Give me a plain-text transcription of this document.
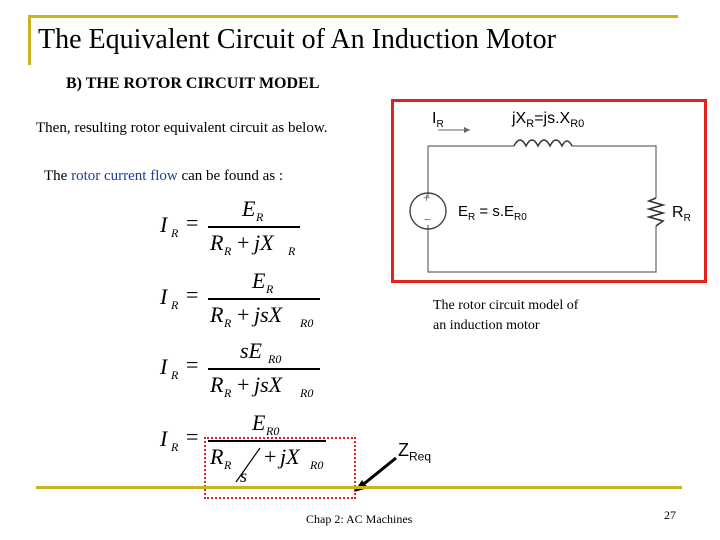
The Equivalent Circuit of An Induction Motor
B) THE ROTOR CIRCUIT MODEL
Then, resulting rotor equivalent circuit as below.
The rotor current flow can be found as :
$I_R$	$jX_R=js.X_{R0}$
+
− $E_R = s.E_{R0}$	$R_R$
The rotor circuit model of
an induction motor
I R =
E R
R R + jX R
I R =
E R
R R + jsX R0
I R =
sE R0
R R + jsX R0
I R =
E R0
R R
s
+ jX R0
$Z_{Req}$
Chap 2: AC Machines	27
